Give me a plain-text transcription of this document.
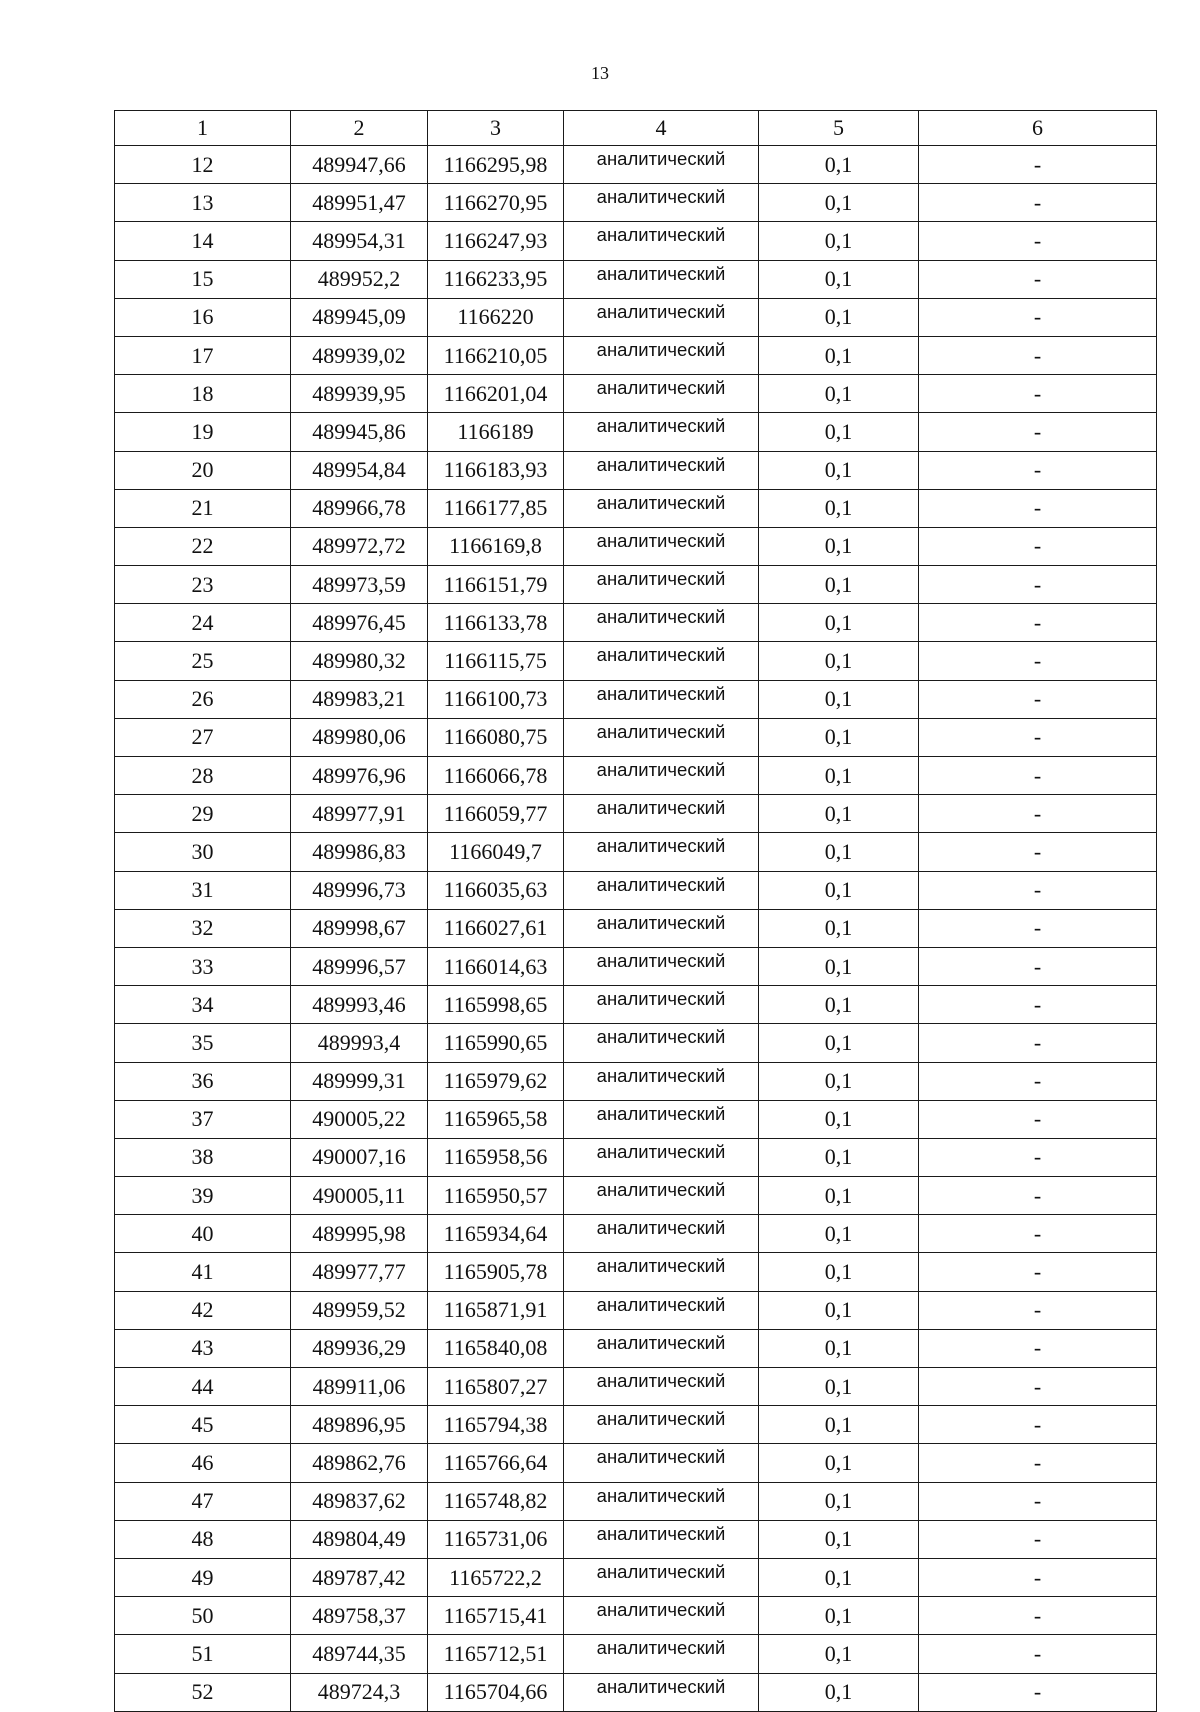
13
1	2	3	4	5	6
12	489947,66	1166295,98	аналитический	0,1	-
13	489951,47	1166270,95	аналитический	0,1	-
14	489954,31	1166247,93	аналитический	0,1	-
15	489952,2	1166233,95	аналитический	0,1	-
16	489945,09	1166220	аналитический	0,1	-
17	489939,02	1166210,05	аналитический	0,1	-
18	489939,95	1166201,04	аналитический	0,1	-
19	489945,86	1166189	аналитический	0,1	-
20	489954,84	1166183,93	аналитический	0,1	-
21	489966,78	1166177,85	аналитический	0,1	-
22	489972,72	1166169,8	аналитический	0,1	-
23	489973,59	1166151,79	аналитический	0,1	-
24	489976,45	1166133,78	аналитический	0,1	-
25	489980,32	1166115,75	аналитический	0,1	-
26	489983,21	1166100,73	аналитический	0,1	-
27	489980,06	1166080,75	аналитический	0,1	-
28	489976,96	1166066,78	аналитический	0,1	-
29	489977,91	1166059,77	аналитический	0,1	-
30	489986,83	1166049,7	аналитический	0,1	-
31	489996,73	1166035,63	аналитический	0,1	-
32	489998,67	1166027,61	аналитический	0,1	-
33	489996,57	1166014,63	аналитический	0,1	-
34	489993,46	1165998,65	аналитический	0,1	-
35	489993,4	1165990,65	аналитический	0,1	-
36	489999,31	1165979,62	аналитический	0,1	-
37	490005,22	1165965,58	аналитический	0,1	-
38	490007,16	1165958,56	аналитический	0,1	-
39	490005,11	1165950,57	аналитический	0,1	-
40	489995,98	1165934,64	аналитический	0,1	-
41	489977,77	1165905,78	аналитический	0,1	-
42	489959,52	1165871,91	аналитический	0,1	-
43	489936,29	1165840,08	аналитический	0,1	-
44	489911,06	1165807,27	аналитический	0,1	-
45	489896,95	1165794,38	аналитический	0,1	-
46	489862,76	1165766,64	аналитический	0,1	-
47	489837,62	1165748,82	аналитический	0,1	-
48	489804,49	1165731,06	аналитический	0,1	-
49	489787,42	1165722,2	аналитический	0,1	-
50	489758,37	1165715,41	аналитический	0,1	-
51	489744,35	1165712,51	аналитический	0,1	-
52	489724,3	1165704,66	аналитический	0,1	-
